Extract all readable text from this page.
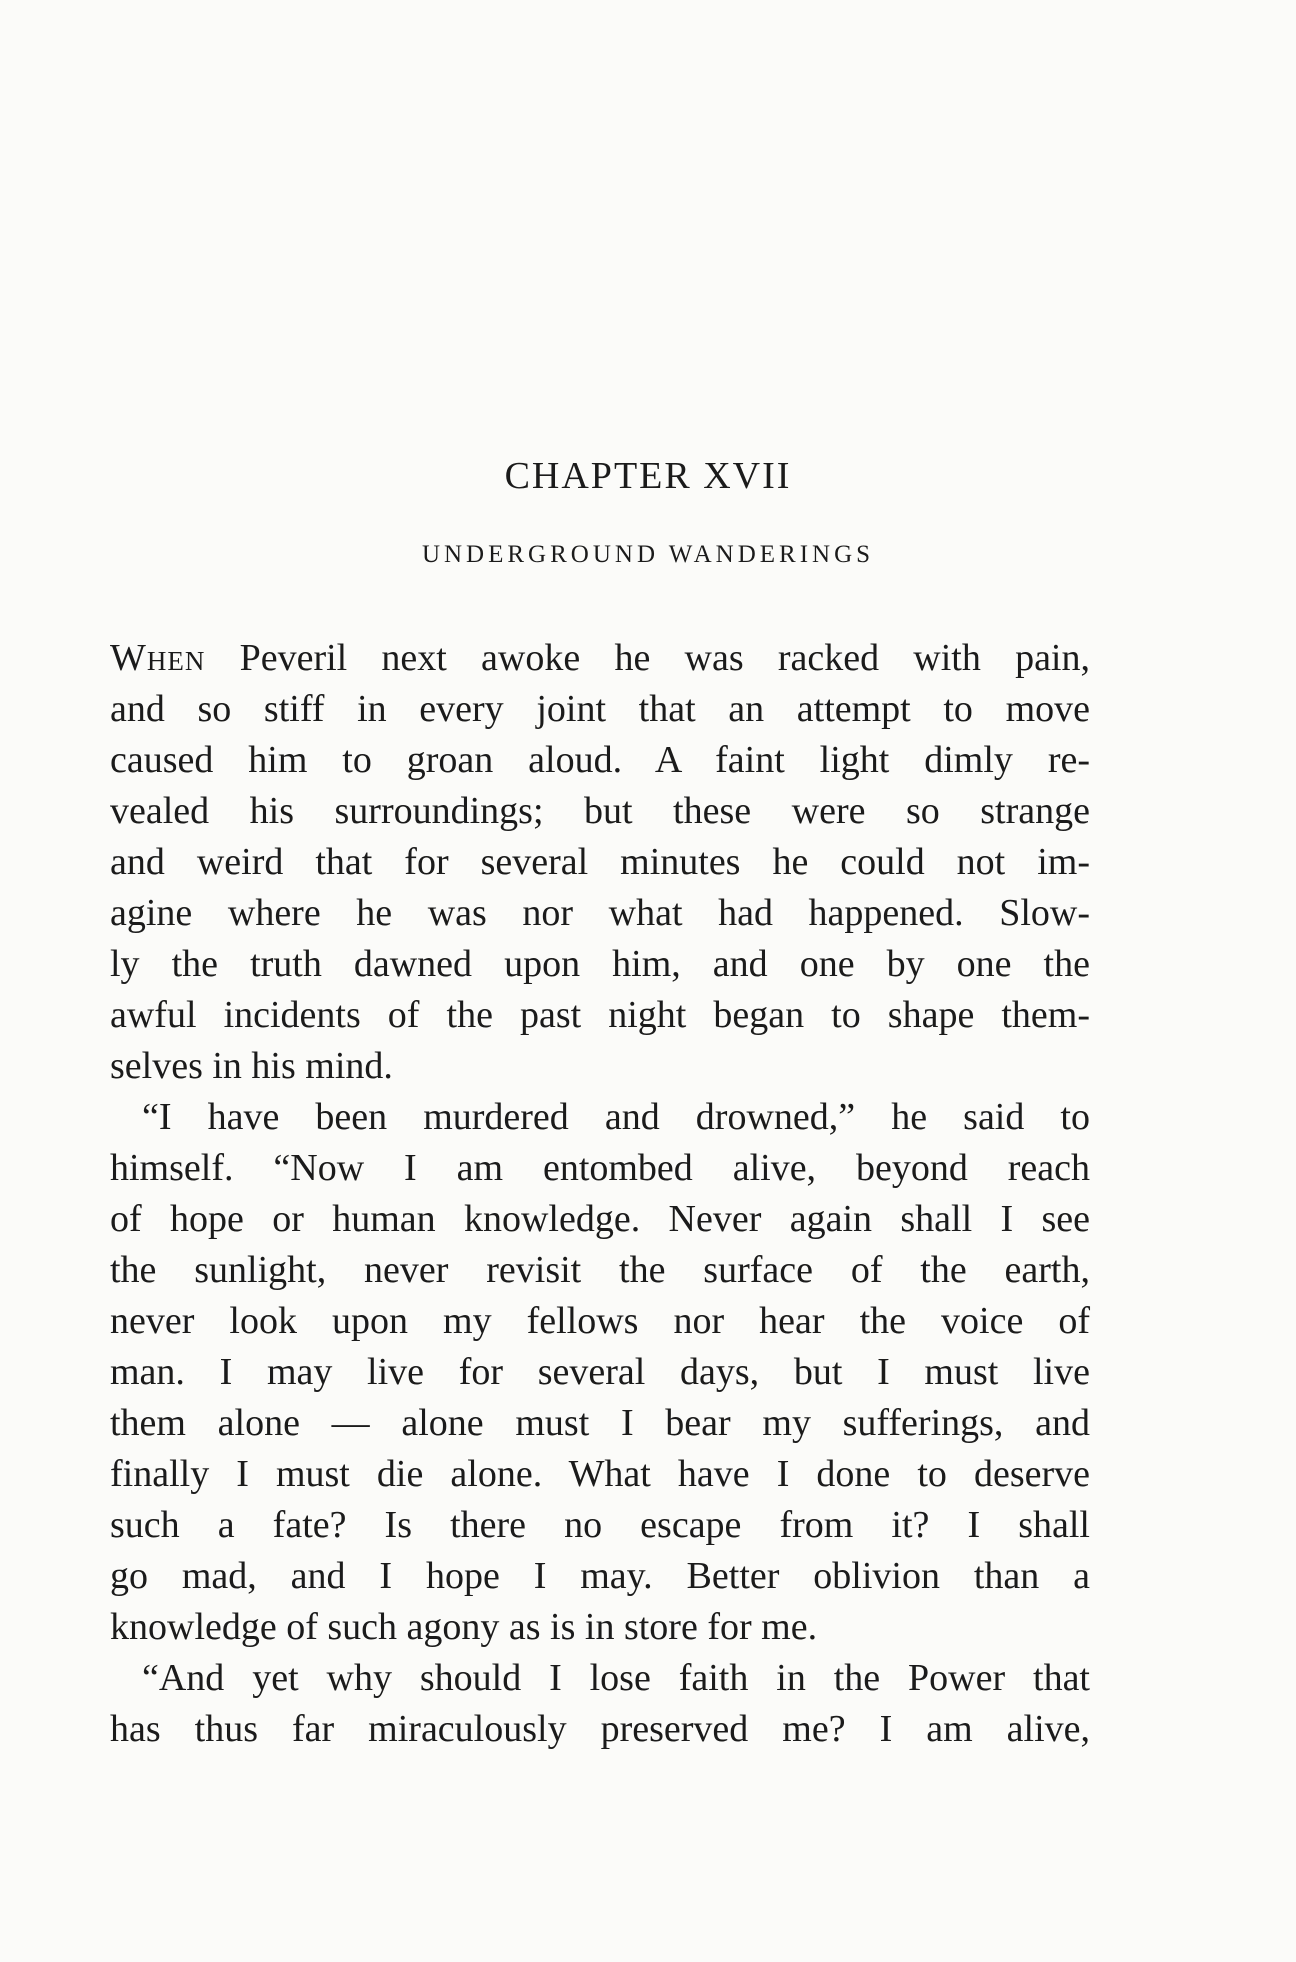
CHAPTER XVII
UNDERGROUND WANDERINGS
When Peveril next awoke he was racked with pain,
and so stiff in every joint that an attempt to move
caused him to groan aloud. A faint light dimly re-
vealed his surroundings; but these were so strange
and weird that for several minutes he could not im-
agine where he was nor what had happened. Slow-
ly the truth dawned upon him, and one by one the
awful incidents of the past night began to shape them-
selves in his mind.
“I have been murdered and drowned,” he said to
himself. “Now I am entombed alive, beyond reach
of hope or human knowledge. Never again shall I see
the sunlight, never revisit the surface of the earth,
never look upon my fellows nor hear the voice of
man. I may live for several days, but I must live
them alone — alone must I bear my sufferings, and
finally I must die alone. What have I done to deserve
such a fate? Is there no escape from it? I shall
go mad, and I hope I may. Better oblivion than a
knowledge of such agony as is in store for me.
“And yet why should I lose faith in the Power that
has thus far miraculously preserved me? I am alive,
